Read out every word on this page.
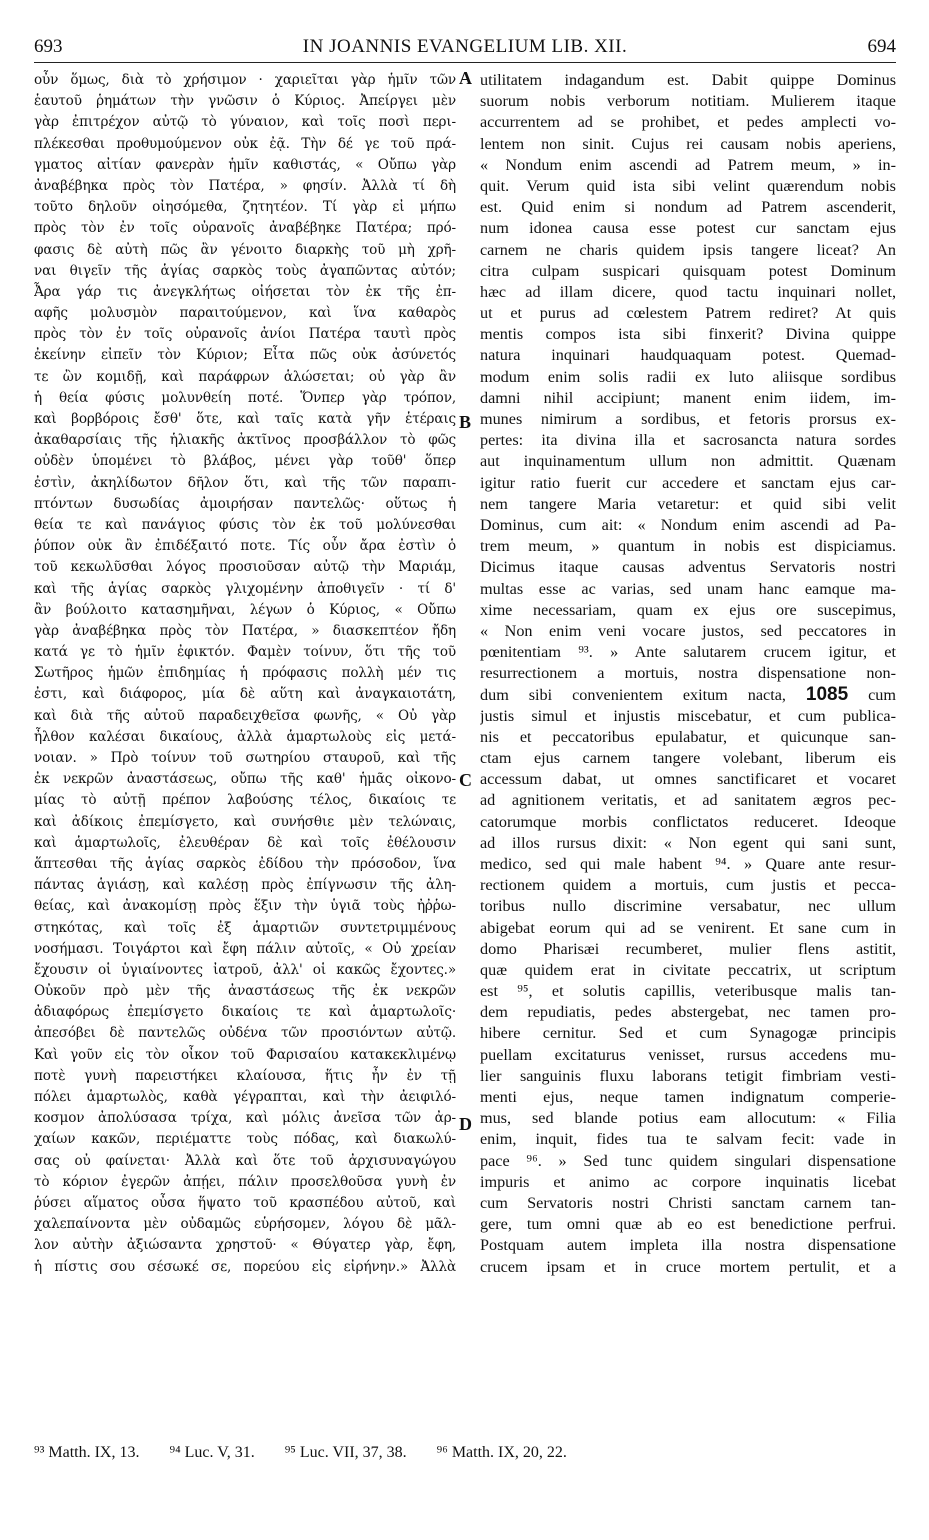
693	IN JOANNIS EVANGELIUM LIB. XII.	694
οὖν ὅμως, διὰ τὸ χρήσιμον · χαριεῖται γὰρ ἡμῖν τῶν
ἑαυτοῦ ῥημάτων τὴν γνῶσιν ὁ Κύριος. Ἀπείργει μὲν
γὰρ ἐπιτρέχον αὐτῷ τὸ γύναιον, καὶ τοῖς ποσὶ περι-
πλέκεσθαι προθυμούμενον οὐκ ἐᾷ. Τὴν δέ γε τοῦ πρά-
γματος αἰτίαν φανερὰν ἡμῖν καθιστάς, « Οὔπω γὰρ
ἀναβέβηκα πρὸς τὸν Πατέρα, » φησίν. Ἀλλὰ τί δὴ
τοῦτο δηλοῦν οἰησόμεθα, ζητητέον. Τί γὰρ εἰ μήπω
πρὸς τὸν ἐν τοῖς οὐρανοῖς ἀναβέβηκε Πατέρα; πρό-
φασις δὲ αὐτὴ πῶς ἂν γένοιτο διαρκὴς τοῦ μὴ χρῆ-
ναι θιγεῖν τῆς ἁγίας σαρκὸς τοὺς ἀγαπῶντας αὐτόν;
Ἆρα γάρ τις ἀνεγκλήτως οἰήσεται τὸν ἐκ τῆς ἐπ-
αφῆς μολυσμὸν παραιτούμενον, καὶ ἵνα καθαρὸς
πρὸς τὸν ἐν τοῖς οὐρανοῖς ἀνίοι Πατέρα ταυτὶ πρὸς
ἐκείνην εἰπεῖν τὸν Κύριον; Εἶτα πῶς οὐκ ἀσύνετός
τε ὢν κομιδῇ, καὶ παράφρων ἁλώσεται; οὐ γὰρ ἂν
ἡ θεία φύσις μολυνθείη ποτέ. Ὅνπερ γὰρ τρόπον,
καὶ βορβόροις ἔσθ' ὅτε, καὶ ταῖς κατὰ γῆν ἑτέραις
ἀκαθαρσίαις τῆς ἡλιακῆς ἀκτῖνος προσβάλλον τὸ φῶς
οὐδὲν ὑπομένει τὸ βλάβος, μένει γὰρ τοῦθ' ὅπερ
ἐστὶν, ἀκηλίδωτον δῆλον ὅτι, καὶ τῆς τῶν παραπι-
πτόντων δυσωδίας ἀμοιρήσαν παντελῶς· οὕτως ἡ
θεία τε καὶ πανάγιος φύσις τὸν ἐκ τοῦ μολύνεσθαι
ῥύπον οὐκ ἂν ἐπιδέξαιτό ποτε. Τίς οὖν ἄρα ἐστὶν ὁ
τοῦ κεκωλῦσθαι λόγος προσιοῦσαν αὐτῷ τὴν Μαριάμ,
καὶ τῆς ἁγίας σαρκὸς γλιχομένην ἀποθιγεῖν · τί δ'
ἂν βούλοιτο κατασημῆναι, λέγων ὁ Κύριος, « Οὔπω
γὰρ ἀναβέβηκα πρὸς τὸν Πατέρα, » διασκεπτέον ἤδη
κατά γε τὸ ἡμῖν ἐφικτόν. Φαμὲν τοίνυν, ὅτι τῆς τοῦ
Σωτῆρος ἡμῶν ἐπιδημίας ἡ πρόφασις πολλὴ μέν τις
ἐστι, καὶ διάφορος, μία δὲ αὕτη καὶ ἀναγκαιοτάτη,
καὶ διὰ τῆς αὐτοῦ παραδειχθεῖσα φωνῆς, « Οὐ γὰρ
ἦλθον καλέσαι δικαίους, ἀλλὰ ἁμαρτωλοὺς εἰς μετά-
νοιαν. » Πρὸ τοίνυν τοῦ σωτηρίου σταυροῦ, καὶ τῆς
ἐκ νεκρῶν ἀναστάσεως, οὔπω τῆς καθ' ἡμᾶς οἰκονο-
μίας τὸ αὐτῇ πρέπον λαβούσης τέλος, δικαίοις τε
καὶ ἀδίκοις ἐπεμίσγετο, καὶ συνήσθιε μὲν τελώναις,
καὶ ἁμαρτωλοῖς, ἐλευθέραν δὲ καὶ τοῖς ἐθέλουσιν
ἅπτεσθαι τῆς ἁγίας σαρκὸς ἐδίδου τὴν πρόσοδον, ἵνα
πάντας ἁγιάσῃ, καὶ καλέσῃ πρὸς ἐπίγνωσιν τῆς ἀλη-
θείας, καὶ ἀνακομίσῃ πρὸς ἕξιν τὴν ὑγιᾶ τοὺς ἠῤῥω-
στηκότας, καὶ τοῖς ἐξ ἁμαρτιῶν συντετριμμένους
νοσήμασι. Τοιγάρτοι καὶ ἔφη πάλιν αὐτοῖς, « Οὐ χρείαν
ἔχουσιν οἱ ὑγιαίνοντες ἰατροῦ, ἀλλ' οἱ κακῶς ἔχοντες.»
Οὐκοῦν πρὸ μὲν τῆς ἀναστάσεως τῆς ἐκ νεκρῶν
ἀδιαφόρως ἐπεμίσγετο δικαίοις τε καὶ ἁμαρτωλοῖς·
ἀπεσόβει δὲ παντελῶς οὐδένα τῶν προσιόντων αὐτῷ.
Καὶ γοῦν εἰς τὸν οἶκον τοῦ Φαρισαίου κατακεκλιμένῳ
ποτὲ γυνὴ παρειστήκει κλαίουσα, ἥτις ἦν ἐν τῇ
πόλει ἁμαρτωλὸς, καθὰ γέγραπται, καὶ τὴν ἀειφιλό-
κοσμον ἀπολύσασα τρίχα, καὶ μόλις ἀνεῖσα τῶν ἀρ-
χαίων κακῶν, περιέματτε τοὺς πόδας, καὶ διακωλύ-
σας οὐ φαίνεται· Ἀλλὰ καὶ ὅτε τοῦ ἀρχισυναγώγου
τὸ κόριον ἐγερῶν ἀπῄει, πάλιν προσελθοῦσα γυνὴ ἐν
ῥύσει αἵματος οὖσα ἥψατο τοῦ κρασπέδου αὐτοῦ, καὶ
χαλεπαίνοντα μὲν οὐδαμῶς εὑρήσομεν, λόγου δὲ μᾶλ-
λον αὐτὴν ἀξιώσαντα χρηστοῦ· « Θύγατερ γὰρ, ἔφη,
ἡ πίστις σου σέσωκέ σε, πορεύου εἰς εἰρήνην.» Ἀλλὰ
utilitatem indagandum est. Dabit quippe Dominus
suorum nobis verborum notitiam. Mulierem itaque
accurrentem ad se prohibet, et pedes amplecti vo-
lentem non sinit. Cujus rei causam nobis aperiens,
« Nondum enim ascendi ad Patrem meum, » in-
quit. Verum quid ista sibi velint quærendum nobis
est. Quid enim si nondum ad Patrem ascenderit,
num idonea causa esse potest cur sanctam ejus
carnem ne charis quidem ipsis tangere liceat? An
citra culpam suspicari quisquam potest Dominum
hæc ad illam dicere, quod tactu inquinari nollet,
ut et purus ad cœlestem Patrem rediret? At quis
mentis compos ista sibi finxerit? Divina quippe
natura inquinari haudquaquam potest. Quemad-
modum enim solis radii ex luto aliisque sordibus
damni nihil accipiunt; manent enim iidem, im-
munes nimirum a sordibus, et fetoris prorsus ex-
pertes: ita divina illa et sacrosancta natura sordes
aut inquinamentum ullum non admittit. Quænam
igitur ratio fuerit cur accedere et sanctam ejus car-
nem tangere Maria vetaretur: et quid sibi velit
Dominus, cum ait: « Nondum enim ascendi ad Pa-
trem meum, » quantum in nobis est dispiciamus.
Dicimus itaque causas adventus Servatoris nostri
multas esse ac varias, sed unam hanc eamque ma-
xime necessariam, quam ex ejus ore suscepimus,
« Non enim veni vocare justos, sed peccatores in
pœnitentiam ⁹³. » Ante salutarem crucem igitur, et
resurrectionem a mortuis, nostra dispensatione non-
dum sibi convenientem exitum nacta, 1085 cum
justis simul et injustis miscebatur, et cum publica-
nis et peccatoribus epulabatur, et quicunque san-
ctam ejus carnem tangere volebant, liberum eis
accessum dabat, ut omnes sanctificaret et vocaret
ad agnitionem veritatis, et ad sanitatem ægros pec-
catorumque morbis conflictatos reduceret. Ideoque
ad illos rursus dixit: « Non egent qui sani sunt,
medico, sed qui male habent ⁹⁴. » Quare ante resur-
rectionem quidem a mortuis, cum justis et pecca-
toribus nullo discrimine versabatur, nec ullum
abigebat eorum qui ad se venirent. Et sane cum in
domo Pharisæi recumberet, mulier flens astitit,
quæ quidem erat in civitate peccatrix, ut scriptum
est ⁹⁵, et solutis capillis, veteribusque malis tan-
dem repudiatis, pedes abstergebat, nec tamen pro-
hibere cernitur. Sed et cum Synagogæ principis
puellam excitaturus venisset, rursus accedens mu-
lier sanguinis fluxu laborans tetigit fimbriam vesti-
menti ejus, neque tamen indignatum comperie-
mus, sed blande potius eam allocutum: « Filia
enim, inquit, fides tua te salvam fecit: vade in
pace ⁹⁶. » Sed tunc quidem singulari dispensatione
impuris et animo ac corpore inquinatis licebat
cum Servatoris nostri Christi sanctam carnem tan-
gere, tum omni quæ ab eo est benedictione perfrui.
Postquam autem impleta illa nostra dispensatione
crucem ipsam et in cruce mortem pertulit, et a
A
B
C
D
⁹³ Matth. IX, 13. ⁹⁴ Luc. V, 31. ⁹⁵ Luc. VII, 37, 38. ⁹⁶ Matth. IX, 20, 22.
